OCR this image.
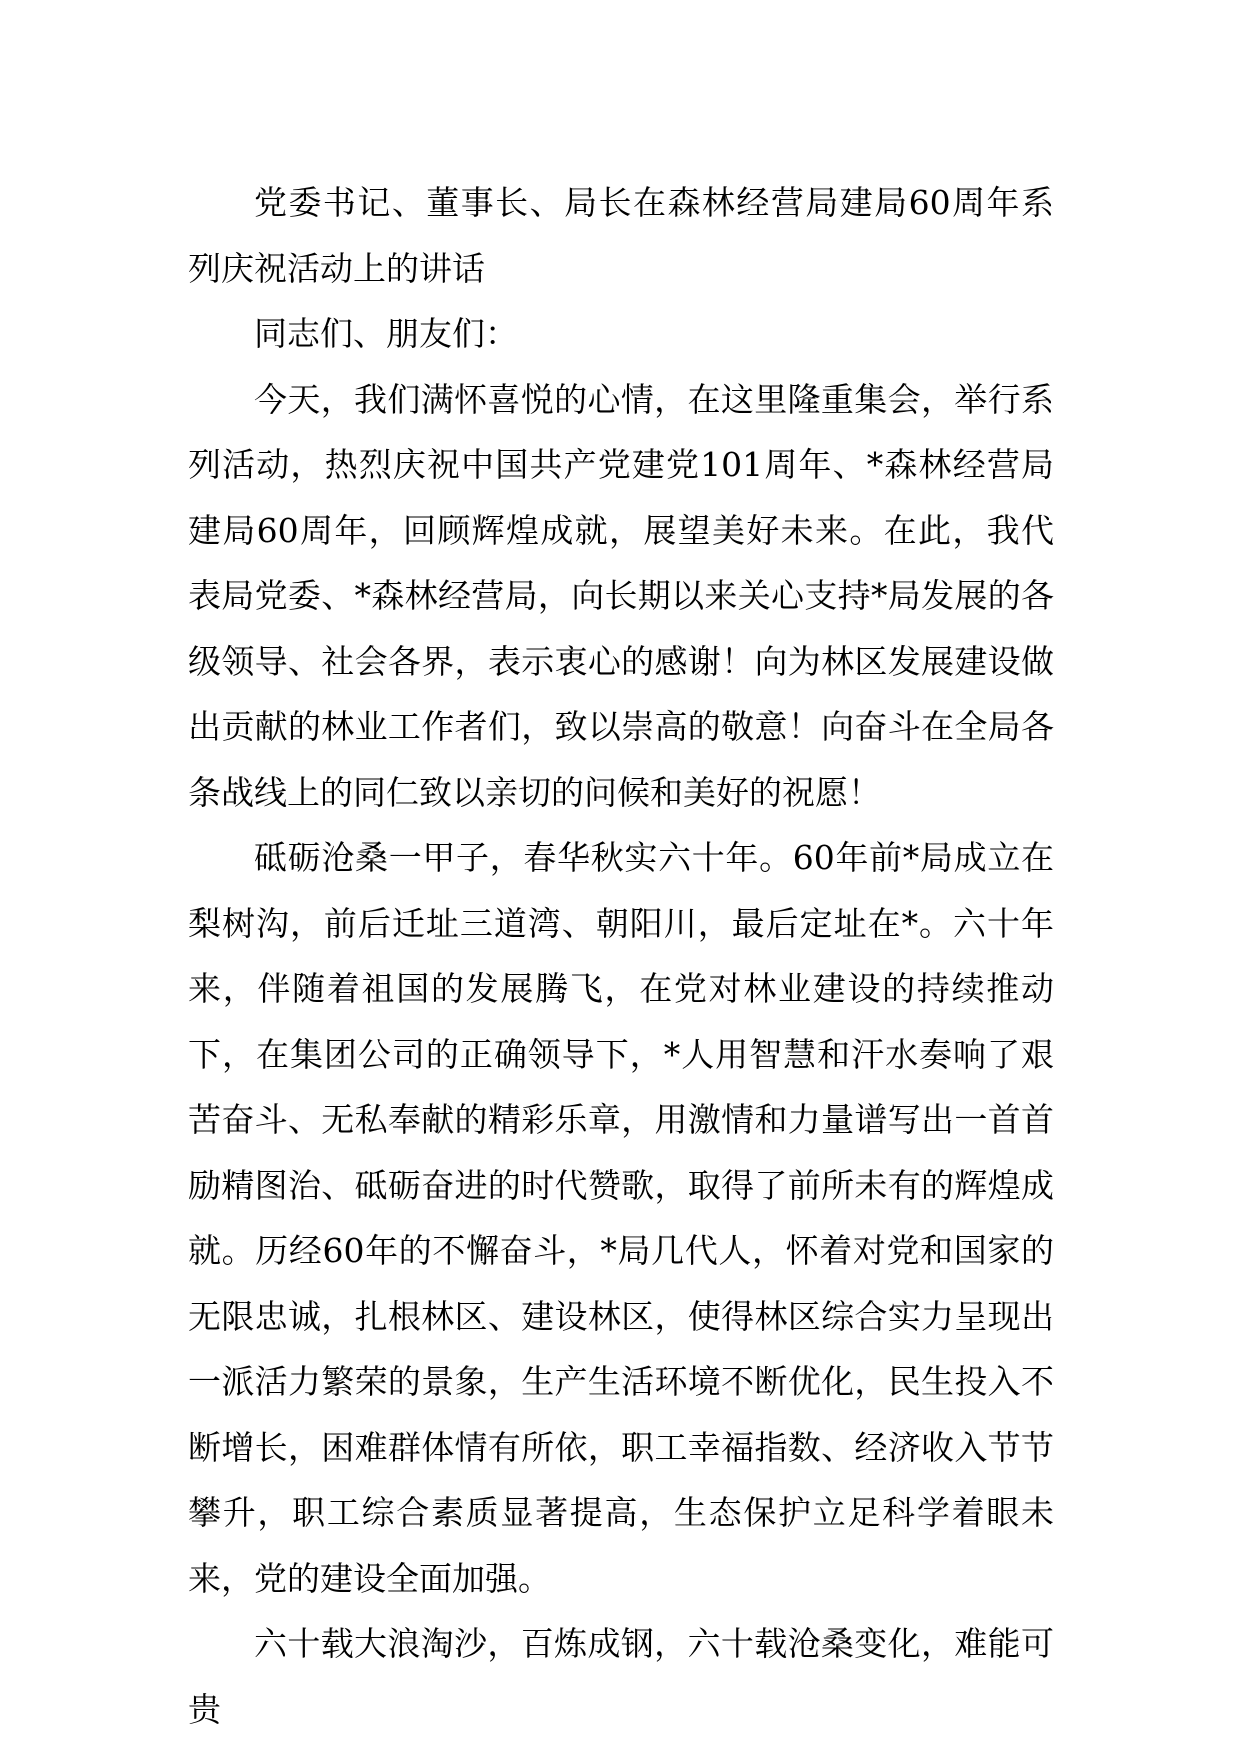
党委书记、董事长、局长在森林经营局建局60周年系列庆祝活动上的讲话

同志们、朋友们：

今天，我们满怀喜悦的心情，在这里隆重集会，举行系列活动，热烈庆祝中国共产党建党101周年、*森林经营局建局60周年，回顾辉煌成就，展望美好未来。在此，我代表局党委、*森林经营局，向长期以来关心支持*局发展的各级领导、社会各界，表示衷心的感谢！向为林区发展建设做出贡献的林业工作者们，致以崇高的敬意！向奋斗在全局各条战线上的同仁致以亲切的问候和美好的祝愿！

砥砺沧桑一甲子，春华秋实六十年。60年前*局成立在梨树沟，前后迁址三道湾、朝阳川，最后定址在*。六十年来，伴随着祖国的发展腾飞，在党对林业建设的持续推动下，在集团公司的正确领导下，*人用智慧和汗水奏响了艰苦奋斗、无私奉献的精彩乐章，用激情和力量谱写出一首首励精图治、砥砺奋进的时代赞歌，取得了前所未有的辉煌成就。历经60年的不懈奋斗，*局几代人，怀着对党和国家的无限忠诚，扎根林区、建设林区，使得林区综合实力呈现出一派活力繁荣的景象，生产生活环境不断优化，民生投入不断增长，困难群体情有所依，职工幸福指数、经济收入节节攀升，职工综合素质显著提高，生态保护立足科学着眼未来，党的建设全面加强。

六十载大浪淘沙，百炼成钢，六十载沧桑变化，难能可贵
